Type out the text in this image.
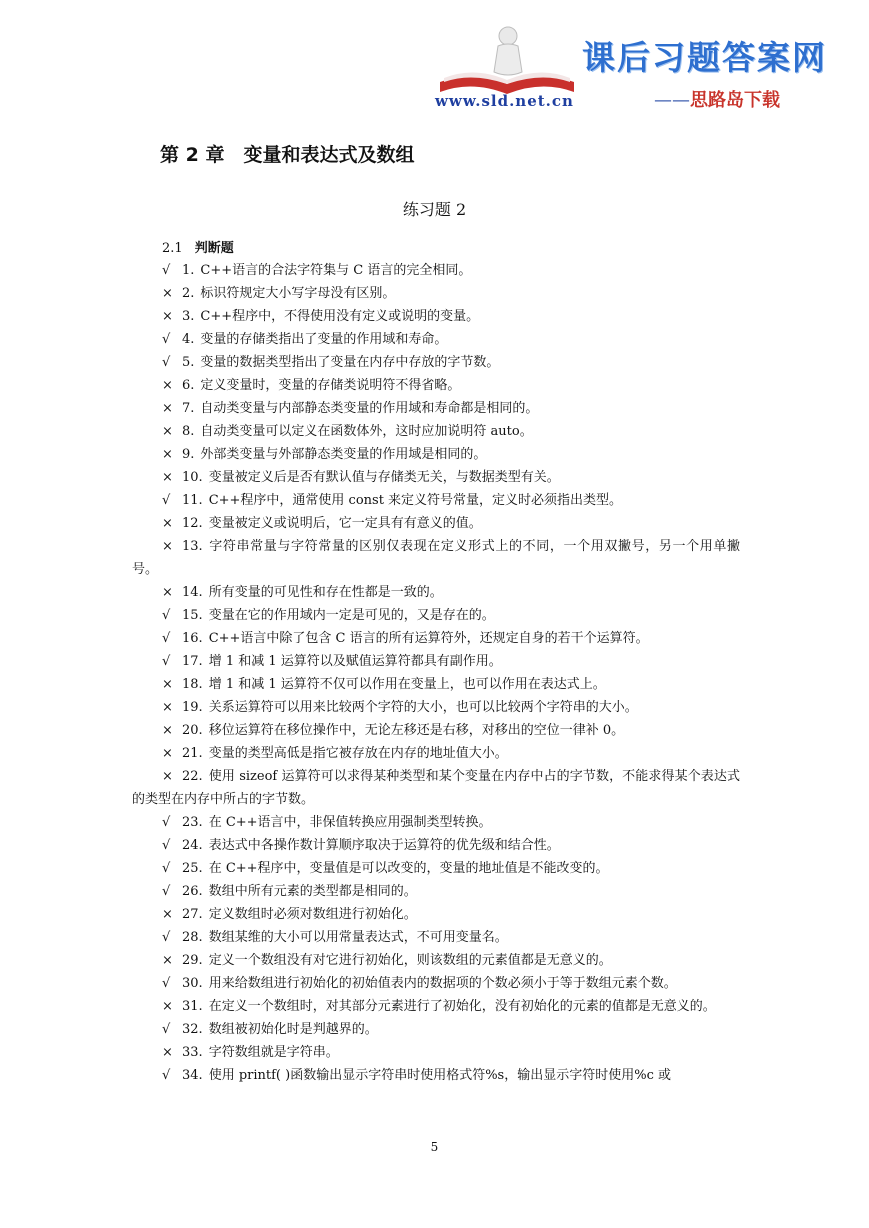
www.sld.net.cn
课后习题答案网
——思路岛下载
第 2 章　变量和表达式及数组
练习题 2
2.1 判断题

√ 1. C++语言的合法字符集与 C 语言的完全相同。

× 2. 标识符规定大小写字母没有区别。

× 3. C++程序中，不得使用没有定义或说明的变量。

√ 4. 变量的存储类指出了变量的作用域和寿命。

√ 5. 变量的数据类型指出了变量在内存中存放的字节数。

× 6. 定义变量时，变量的存储类说明符不得省略。

× 7. 自动类变量与内部静态类变量的作用域和寿命都是相同的。

× 8. 自动类变量可以定义在函数体外，这时应加说明符 auto。

× 9. 外部类变量与外部静态类变量的作用域是相同的。

× 10. 变量被定义后是否有默认值与存储类无关，与数据类型有关。

√ 11. C++程序中，通常使用 const 来定义符号常量，定义时必须指出类型。

× 12. 变量被定义或说明后，它一定具有有意义的值。

× 13. 字符串常量与字符常量的区别仅表现在定义形式上的不同，一个用双撇号，另一个用单撇号。

× 14. 所有变量的可见性和存在性都是一致的。

√ 15. 变量在它的作用域内一定是可见的，又是存在的。

√ 16. C++语言中除了包含 C 语言的所有运算符外，还规定自身的若干个运算符。

√ 17. 增 1 和减 1 运算符以及赋值运算符都具有副作用。

× 18. 增 1 和减 1 运算符不仅可以作用在变量上，也可以作用在表达式上。

× 19. 关系运算符可以用来比较两个字符的大小，也可以比较两个字符串的大小。

× 20. 移位运算符在移位操作中，无论左移还是右移，对移出的空位一律补 0。

× 21. 变量的类型高低是指它被存放在内存的地址值大小。

× 22. 使用 sizeof 运算符可以求得某种类型和某个变量在内存中占的字节数，不能求得某个表达式的类型在内存中所占的字节数。

√ 23. 在 C++语言中，非保值转换应用强制类型转换。

√ 24. 表达式中各操作数计算顺序取决于运算符的优先级和结合性。

√ 25. 在 C++程序中，变量值是可以改变的，变量的地址值是不能改变的。

√ 26. 数组中所有元素的类型都是相同的。

× 27. 定义数组时必须对数组进行初始化。

√ 28. 数组某维的大小可以用常量表达式，不可用变量名。

× 29. 定义一个数组没有对它进行初始化，则该数组的元素值都是无意义的。

√ 30. 用来给数组进行初始化的初始值表内的数据项的个数必须小于等于数组元素个数。

× 31. 在定义一个数组时，对其部分元素进行了初始化，没有初始化的元素的值都是无意义的。

√ 32. 数组被初始化时是判越界的。

× 33. 字符数组就是字符串。

√ 34. 使用 printf( )函数输出显示字符串时使用格式符%s，输出显示字符时使用%c 或

5
